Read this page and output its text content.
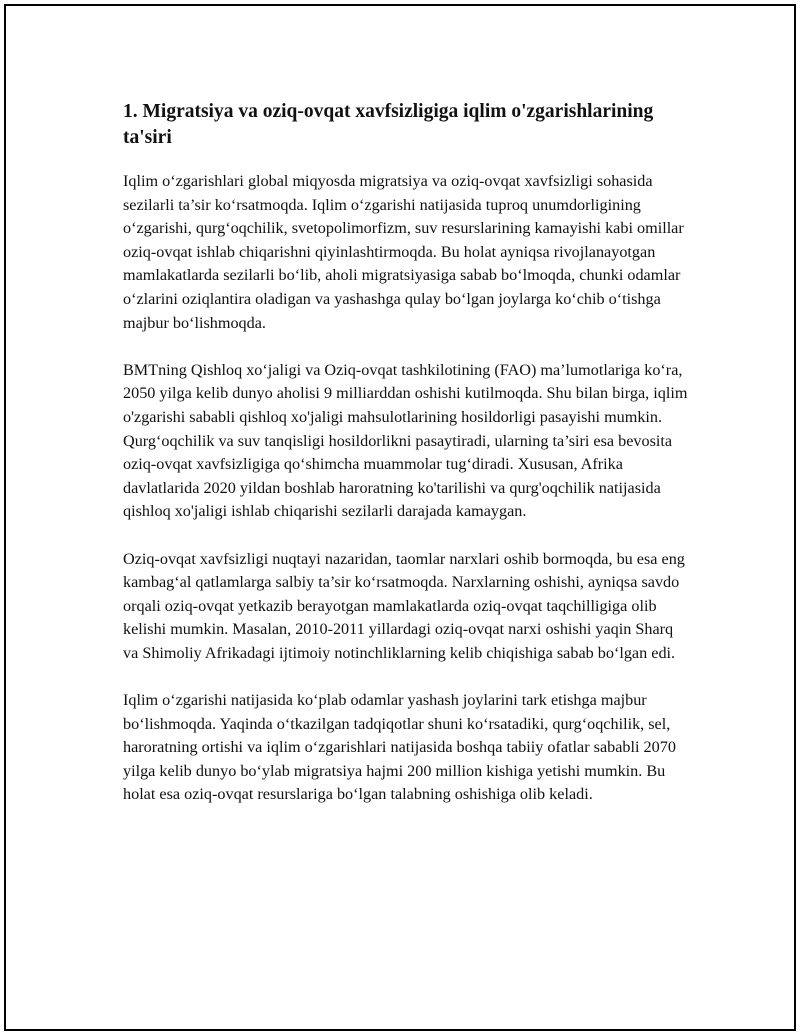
1. Migratsiya va oziq-ovqat xavfsizligiga iqlim o'zgarishlarining ta'siri

Iqlim o‘zgarishlari global miqyosda migratsiya va oziq-ovqat xavfsizligi sohasida sezilarli ta’sir ko‘rsatmoqda. Iqlim o‘zgarishi natijasida tuproq unumdorligining o‘zgarishi, qurg‘oqchilik, svetopolimorfizm, suv resurslarining kamayishi kabi omillar oziq-ovqat ishlab chiqarishni qiyinlashtirmoqda. Bu holat ayniqsa rivojlanayotgan mamlakatlarda sezilarli bo‘lib, aholi migratsiyasiga sabab bo‘lmoqda, chunki odamlar o‘zlarini oziqlantira oladigan va yashashga qulay bo‘lgan joylarga ko‘chib o‘tishga majbur bo‘lishmoqda.

BMTning Qishloq xo‘jaligi va Oziq-ovqat tashkilotining (FAO) ma’lumotlariga ko‘ra, 2050 yilga kelib dunyo aholisi 9 milliarddan oshishi kutilmoqda. Shu bilan birga, iqlim o'zgarishi sababli qishloq xo'jaligi mahsulotlarining hosildorligi pasayishi mumkin. Qurg‘oqchilik va suv tanqisligi hosildorlikni pasaytiradi, ularning ta’siri esa bevosita oziq-ovqat xavfsizligiga qo‘shimcha muammolar tug‘diradi. Xususan, Afrika davlatlarida 2020 yildan boshlab haroratning ko'tarilishi va qurg'oqchilik natijasida qishloq xo'jaligi ishlab chiqarishi sezilarli darajada kamaygan.

Oziq-ovqat xavfsizligi nuqtayi nazaridan, taomlar narxlari oshib bormoqda, bu esa eng kambag‘al qatlamlarga salbiy ta’sir ko‘rsatmoqda. Narxlarning oshishi, ayniqsa savdo orqali oziq-ovqat yetkazib berayotgan mamlakatlarda oziq-ovqat taqchilligiga olib kelishi mumkin. Masalan, 2010-2011 yillardagi oziq-ovqat narxi oshishi yaqin Sharq va Shimoliy Afrikadagi ijtimoiy notinchliklarning kelib chiqishiga sabab bo‘lgan edi.

Iqlim o‘zgarishi natijasida ko‘plab odamlar yashash joylarini tark etishga majbur bo‘lishmoqda. Yaqinda o‘tkazilgan tadqiqotlar shuni ko‘rsatadiki, qurg‘oqchilik, sel, haroratning ortishi va iqlim o‘zgarishlari natijasida boshqa tabiiy ofatlar sababli 2070 yilga kelib dunyo bo‘ylab migratsiya hajmi 200 million kishiga yetishi mumkin. Bu holat esa oziq-ovqat resurslariga bo‘lgan talabning oshishiga olib keladi.
